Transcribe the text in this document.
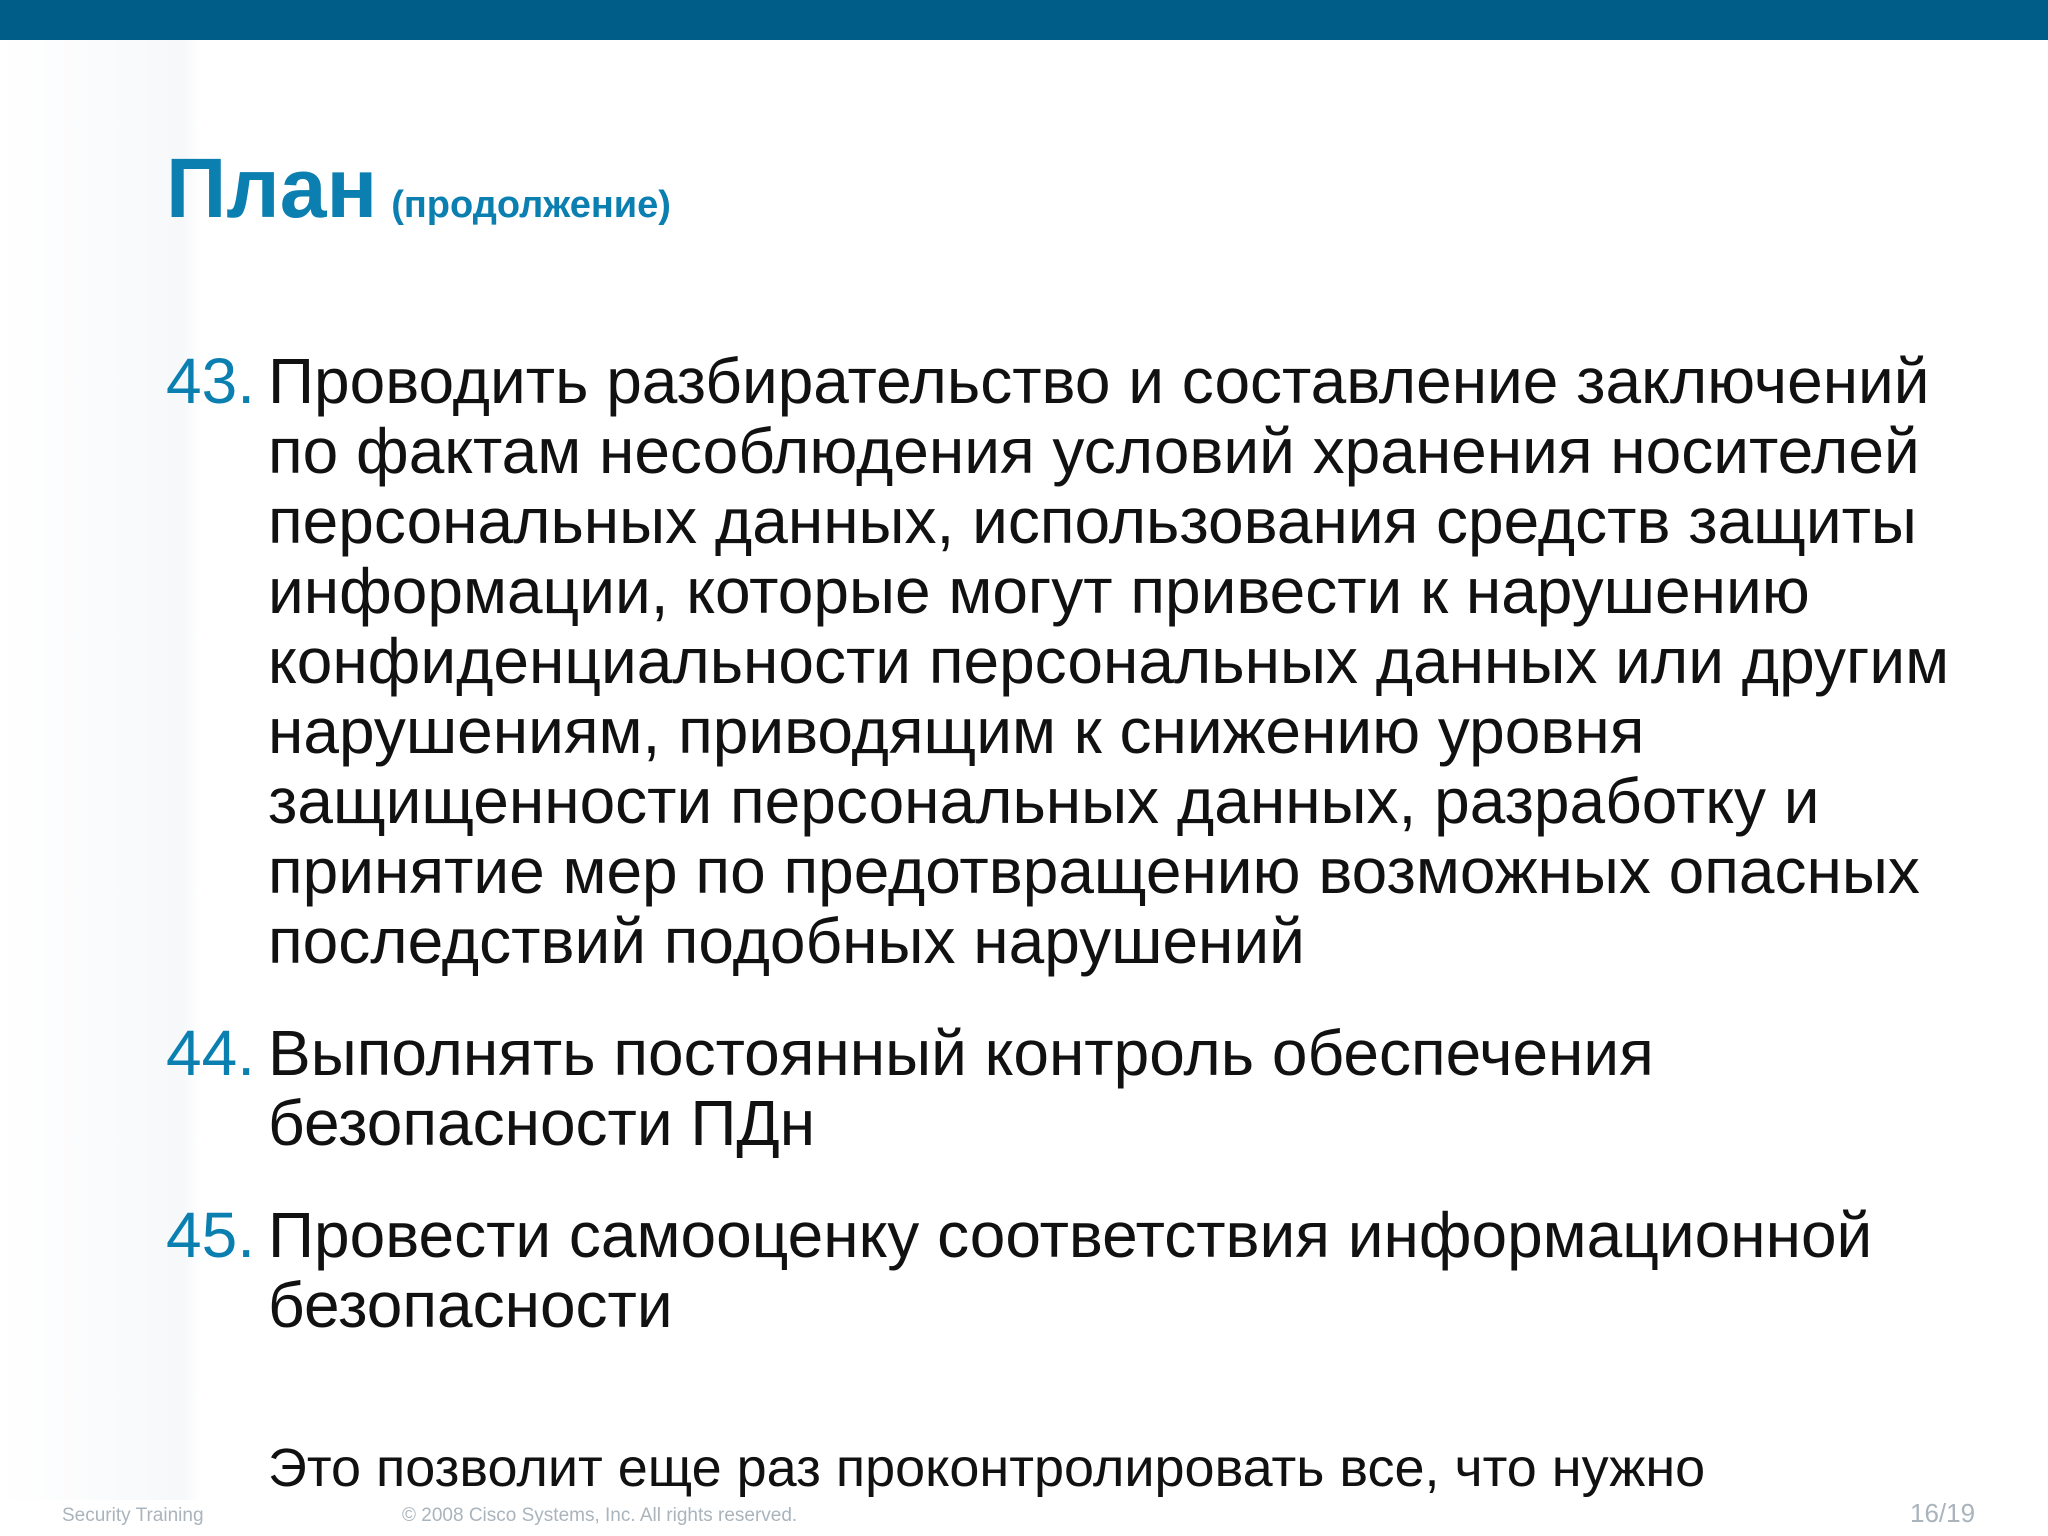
План (продолжение)
43. Проводить разбирательство и составление заключений по фактам несоблюдения условий хранения носителей персональных данных, использования средств защиты информации, которые могут привести к нарушению конфиденциальности персональных данных или другим нарушениям, приводящим к снижению уровня защищенности персональных данных, разработку и принятие мер по предотвращению возможных опасных последствий подобных нарушений
44. Выполнять постоянный контроль обеспечения безопасности ПДн
45. Провести самооценку соответствия информационной безопасности

Это позволит еще раз проконтролировать все, что нужно

Security Training	© 2008 Cisco Systems, Inc. All rights reserved.	16/19
